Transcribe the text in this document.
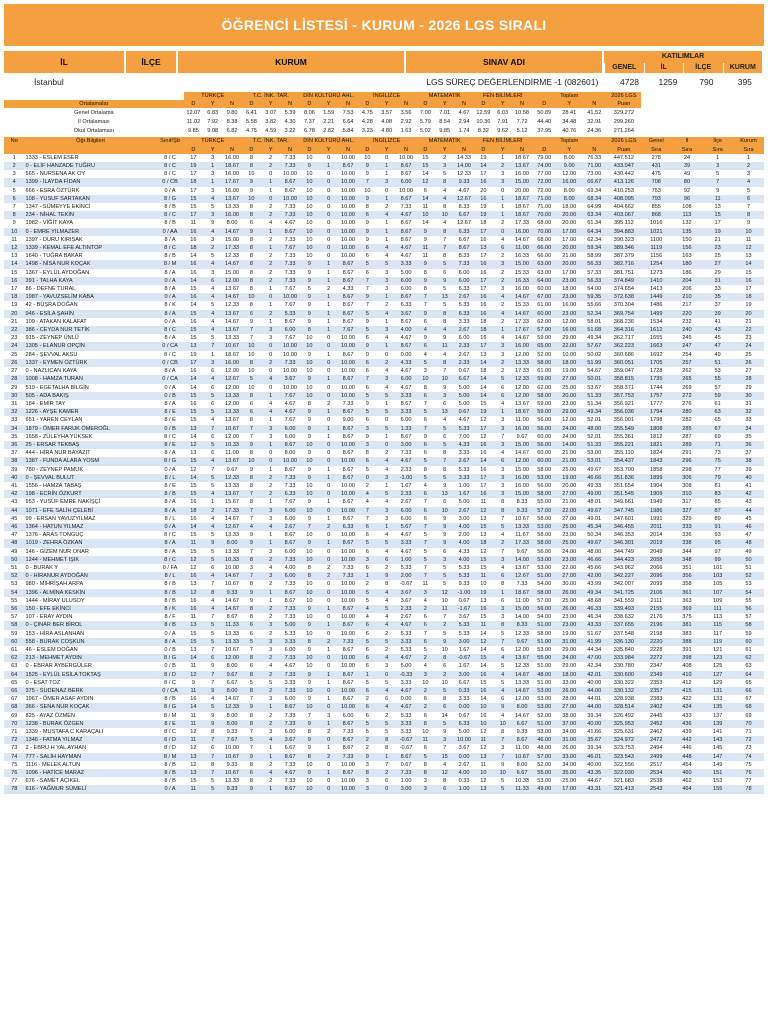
ÖĞRENCİ LİSTESİ - KURUM - 2026 LGS SIRALI
İL	İLÇE	KURUM	SINAV ADI
KATILIMLAR
GENEL	İL	İLÇE	KURUM
İstanbul	LGS SÜREÇ DEĞERLENDİRME -1 (082601)	4728	1259	790	395
	TÜRKÇE			T.C. İNK. TAR.			DİN KÜLTÜRÜ AHL.			İNGİLİZCE			MATEMATİK			FEN BİLİMLERİ			Toplam			2026 LGS	
Ortalamalar	D	Y	N	D	Y	N	D	Y	N	D	Y	N	D	Y	N	D	Y	N	D	Y	N	Puan	
Genel Ortalama	12.07	6.83	9.80	6.41	3.07	5.39	8.06	1.59	7.53	4.75	3.57	3.56	7.00	7.01	4.67	12.59	6.03	10.58	50.89	28.41	41.52	329.272	
İl Ortalaması	11.02	7.92	8.38	5.58	3.82	4.30	7.37	2.21	6.64	4.28	4.08	2.92	5.79	8.54	2.94	10.36	7.91	7.72	44.40	34.48	32.91	299.260	
Okul Ortalaması	9.85	9.08	6.82	4.75	4.59	3.22	6.78	2.82	5.84	3.23	4.80	1.63	5.02	9.85	1.74	8.32	9.62	5.12	37.95	40.76	24.36	271.264	
No	Öğr.Bilgileri	Sınıf/Şb	TÜRKÇE			T.C. İNK. TAR.			DİN KÜLTÜRÜ AHL.			İNGİLİZCE			MATEMATİK			FEN BİLİMLERİ			Toplam			2026 LGS	Genel	İl	İlçe	Kurum
			D	Y	N	D	Y	N	D	Y	N	D	Y	N	D	Y	N	D	Y	N	D	Y	N	Puan	Sıra	Sıra	Sıra	Sıra
1	1333 - ESLEM ESER	8 / C	17	3	16.00	8	2	7.33	10	0	10.00	10	0	10.00	15	2	14.33	19	1	18.67	79.00	8.00	76.33	447.512	278	24	1	1
2	0 - ELİF HANZADE TUĞRU	8 / C	19	1	18.67	8	2	7.33	9	1	8.67	9	1	8.67	15	3	14.00	14	2	13.67	74.00	9.00	71.00	433.047	431	39	3	2
3	565 - NURSENA AK OY	8 / C	17	3	16.00	10	0	10.00	10	0	10.00	9	1	8.67	14	5	12.33	17	3	16.00	77.00	12.00	73.00	430.442	475	49	5	3
4	1399 - İLAYDA FİDAN	0 / CB	18	1	17.67	9	1	8.67	10	0	10.00	7	3	6.00	12	8	9.33	16	3	15.00	72.00	16.00	66.67	413.126	708	80	7	4
5	666 - ESRA ÖZTÜRK	0 / A	17	3	16.00	9	1	8.67	10	0	10.00	10	0	10.00	6	4	4.67	20	0	20.00	72.00	8.00	69.34	410.253	753	92	9	5
6	108 - YUSUF SARTAKAN	8 / G	15	4	13.67	10	0	10.00	10	0	10.00	9	1	8.67	14	4	12.67	16	1	18.67	71.00	8.00	68.34	408.095	793	96	11	6
7	1347 - SÜMEYYE EKİNCİ	8 / B	15	5	13.33	8	2	7.33	10	0	10.00	8	2	7.33	11	8	8.33	19	1	18.67	71.00	18.00	64.99	404.662	855	108	13	7
8	234 - NİHAL TEKİN	8 / C	17	3	16.00	8	2	7.33	10	0	10.00	6	4	4.67	10	10	6.67	19	1	18.67	70.00	20.00	63.34	403.067	868	113	15	8
9	1982 - VİĞİT KAYA	8 / B	11	9	8.00	6	4	4.67	10	0	10.00	9	1	8.67	14	4	12.67	18	2	17.33	68.00	20.00	61.34	395.112	1016	132	17	9
10	0 - EMRE YILMAZER	0 / AA	16	4	14.67	9	1	8.67	10	0	10.00	9	1	8.67	9	8	6.33	17	0	16.00	70.00	17.00	64.34	394.883	1021	135	19	10
11	1397 - DURU KIRIŞAK	8 / A	16	3	15.00	8	2	7.33	10	0	10.00	9	1	8.67	9	7	6.67	16	4	14.67	68.00	17.00	62.34	390.323	1100	150	21	11
12	1339 - KEMAL EFE ALTINTOP	8 / C	18	2	17.33	8	1	7.67	10	0	10.00	6	4	4.67	11	7	8.67	13	6	11.00	66.00	20.00	59.34	389.346	1119	156	23	12
13	1640 - TUĞRA BAKAR	8 / B	14	5	12.33	8	2	7.33	10	0	10.00	6	4	4.67	11	8	8.33	17	2	16.33	66.00	21.00	58.99	387.379	1156	163	25	13
14	1498 - NİSA NUR KOÇAK	8 / M	16	4	14.67	8	2	7.33	9	1	8.67	5	5	3.33	9	5	7.33	16	3	15.00	63.00	20.00	56.33	382.716	1254	180	27	14
15	1367 - EYLÜL AYDOĞAN	8 / A	16	3	15.00	8	2	7.33	9	1	8.67	6	3	5.00	8	6	6.00	16	2	15.33	63.00	17.00	57.33	381.751	1273	186	29	15
16	391 - TALHA KAYA	0 / A	14	6	12.00	8	2	7.33	9	1	8.67	7	3	6.00	9	9	6.00	17	2	16.33	64.00	23.00	56.33	374.849	1410	204	31	16
17	86 - DEFNE TURAL	8 / A	15	4	13.67	8	1	7.67	5	2	4.33	7	3	6.00	8	5	6.33	17	3	16.00	60.00	18.00	54.00	374.654	1413	206	33	17
18	1987 - YAVUZSELİM KABA	0 / A	16	4	14.67	10	0	10.00	9	1	8.67	9	1	8.67	7	13	2.67	16	4	14.67	67.00	23.00	59.35	372.638	1449	210	35	18
19	42 - BÜŞRA DOĞAN	8 / K	14	5	12.33	8	1	7.67	9	1	8.67	7	2	6.33	7	5	5.33	16	2	15.33	61.00	16.00	55.66	370.304	1486	217	37	19
20	946 - ESİLA ŞAHİN	8 / A	15	4	13.67	6	2	5.33	9	1	8.67	5	4	3.67	9	8	6.33	16	4	14.67	60.00	23.00	52.34	369.754	1499	220	39	20
21	109 - ATAKAN KALAFAT	0 / A	16	4	14.67	9	1	8.67	9	1	8.67	9	1	8.67	6	8	3.33	18	2	17.33	62.00	12.00	58.01	368.236	1534	232	41	21
22	386 - CEYDA NUR TETİK	8 / C	15	4	13.67	7	3	6.00	8	1	7.67	5	3	4.00	4	4	2.67	18	1	17.67	57.00	16.00	51.68	364.316	1612	240	43	22
23	915 - ZEYNEP ÜNLÜ	8 / A	15	5	13.33	7	3	7.67	10	0	10.00	6	4	4.67	9	9	6.00	16	4	14.67	59.00	29.00	49.34	362.717	1655	245	45	23
24	1305 - ELANUR OPÇİN	0 / CA	13	7	10.67	10	0	10.00	10	0	10.00	9	1	8.67	6	11	2.33	17	3	16.00	65.00	22.00	57.67	362.223	1663	247	47	24
25	284 - ŞEVVAL AKSU	8 / C	19	1	18.67	10	0	10.00	9	1	8.67	0	0	0.00	4	4	2.67	13	3	12.00	52.00	10.00	50.02	360.686	1692	254	49	25
26	1337 - EYMEN ÖZTÜRK	0 / CB	17	3	16.00	8	2	7.33	10	0	10.00	6	2	4.33	5	8	2.33	14	2	13.33	58.00	18.00	51.99	360.051	1705	257	51	26
27	0 - NAZLICAN KAYA	8 / A	16	6	12.00	10	0	10.00	10	0	10.00	6	4	4.67	3	7	0.67	18	2	17.33	61.00	19.00	54.67	359.047	1728	262	53	27
28	1008 - HAMZA TURAN	0 / CA	14	4	12.67	5	4	3.67	9	1	8.67	7	3	6.00	10	10	6.67	14	5	12.33	59.00	27.00	50.01	358.815	1735	265	55	28
29	519 - EGETALHA BİLGİN	0 / A	14	6	12.00	10	0	10.00	10	0	10.00	6	4	4.67	8	9	5.00	14	6	12.00	62.00	25.00	53.67	358.371	1744	269	57	29
30	505 - ADA BAKIŞ	0 / B	15	5	13.33	8	1	7.67	10	0	10.00	5	5	3.33	6	3	5.00	14	6	12.00	58.00	20.00	51.33	357.753	1757	272	59	30
31	184 - EMİR TAY	8 / A	16	6	12.00	6	4	4.67	8	2	7.33	9	1	8.67	7	6	5.00	15	4	13.67	59.00	23.00	51.34	356.921	1777	276	61	31
32	1226 - AYŞE KAMER	8 / E	15	5	13.33	6	4	4.67	9	1	8.67	5	5	3.33	5	13	0.67	19	1	18.67	59.00	29.00	49.34	356.036	1794	280	63	32
33	651 - YAREN CEYLAN	8 / E	15	4	13.67	8	1	7.67	9	0	9.00	6	0	6.00	6	4	4.67	12	3	11.00	56.00	12.00	52.01	356.001	1798	282	65	33
34	1879 - ÖMER FARUK ÖMEROĞL	0 / B	13	7	10.67	7	3	6.00	9	1	8.67	3	5	1.33	7	5	5.33	17	3	16.00	56.00	24.00	48.00	355.549	1808	285	67	34
35	1658 - ZÜLEYHA YÜKSEK	8 / C	14	6	12.00	7	3	6.00	9	1	8.67	9	1	8.67	9	6	7.00	12	7	9.67	60.00	24.00	52.01	355.361	1812	287	69	35
36	25 - ERSAR TEKBAŞ	8 / E	12	5	10.33	9	1	8.67	10	0	10.00	3	0	3.00	6	5	4.33	16	3	15.00	56.00	14.00	51.33	355.221	1821	289	71	36
37	444 - HİRA NUR BAYAZIT	8 / A	13	6	11.00	8	0	8.00	9	0	8.67	8	2	7.33	6	8	3.33	16	4	14.67	60.00	21.00	53.00	355.110	1824	291	73	37
38	1387 - FUNDA ALARA YOSM	8 / G	15	4	13.67	10	0	10.00	10	0	10.00	6	4	4.67	5	7	2.67	14	6	12.00	60.00	21.00	53.01	354.437	1843	296	75	38
39	780 - ZEYNEP PAMUK	0 / A	12	7	9.67	9	1	8.67	9	1	8.67	5	4	2.33	8	8	5.33	16	3	15.00	58.00	25.00	49.67	353.700	1858	298	77	39
40	0 - ŞEVVAL BULUT	8 / L	14	5	12.33	8	2	7.33	9	1	8.67	0	3	-1.00	5	5	3.33	17	3	16.00	53.00	19.00	46.66	351.836	1899	306	79	40
41	1556 - HAMZA TABAŞ	8 / E	15	5	13.33	8	2	7.33	10	0	10.00	2	1	1.67	4	9	1.00	17	3	16.00	56.00	20.00	49.33	351.654	1904	308	81	41
42	198 - ECRİN ÖZKURT	8 / B	15	4	13.67	7	2	6.33	10	0	10.00	4	5	2.33	6	13	1.67	16	3	15.00	58.00	27.00	49.00	351.545	1909	310	83	42
43	953 - YUSUF EMRE NAKİŞÇİ	8 / A	16	1	15.67	8	1	7.67	9	1	8.67	4	4	2.67	7	6	5.00	11	8	8.33	55.00	21.00	48.01	349.661	1949	317	85	43
44	1071 - EFE SALİH ÇELEBİ	8 / A	18	2	17.33	7	3	6.00	10	0	10.00	7	3	6.00	6	10	2.67	12	8	9.33	57.00	22.00	49.67	347.745	1986	327	87	44
45	99 - ERSAN YAVUZYILMAZ	8 / L	16	4	14.67	7	3	6.00	9	1	8.67	7	3	6.00	6	9	3.00	13	7	10.67	58.00	27.00	49.01	347.601	1991	329	89	45
46	1364 - HATUN YILMAZ	0 / A	14	4	12.67	4	4	2.67	7	2	6.33	6	1	5.67	7	9	4.00	15	5	13.33	53.00	25.00	45.34	346.455	2011	333	91	46
47	1376 - ARAS TONGUÇ	8 / C	15	5	13.33	9	1	8.67	10	0	10.00	6	4	4.67	5	9	2.00	13	4	11.67	58.00	23.00	50.34	346.353	2014	336	93	47
48	1019 - ZEHRA ÖZKAN	8 / A	11	9	8.00	9	1	8.67	9	1	8.67	5	5	3.33	7	9	4.00	18	2	17.33	58.00	25.00	49.67	346.301	2019	338	95	48
49	146 - GİZEM NUR ONAR	8 / A	15	5	13.33	7	3	6.00	10	0	10.00	6	4	4.67	5	6	4.33	12	7	9.67	56.00	24.00	48.00	344.749	2049	344	97	49
50	1244 - MEHMET IŞIK	8 / C	12	5	10.33	8	2	7.33	10	0	10.00	3	6	1.00	5	3	4.00	15	3	14.00	53.00	23.00	46.66	344.423	2058	348	99	50
51	0 - BURAK Y	0 / FA	12	6	10.00	3	4	4.00	8	2	7.33	6	2	5.33	7	5	5.33	15	4	13.67	53.00	22.00	45.66	343.962	2066	351	101	51
52	0 - HİRANUR AYDOĞAN	8 / L	16	4	14.67	7	3	6.00	8	2	7.33	1	9	2.00	7	5	5.33	11	6	12.67	51.00	27.00	42.00	342.227	2096	356	103	52
53	980 - MİHRİŞAH ARPA	8 / B	13	7	10.67	8	2	7.33	10	0	10.00	2	8	-0.67	11	5	9.33	10	8	7.33	54.00	30.00	43.99	342.007	2099	358	105	53
54	1396 - ALMİNA KESKİN	8 / B	12	8	9.33	9	1	8.67	10	0	10.00	5	4	3.67	3	12	-1.00	19	1	18.67	58.00	26.00	49.34	341.725	2106	361	107	54
55	1444 - MİRAY ULUSOY	8 / B	16	4	14.67	9	1	8.67	10	0	10.00	5	4	3.67	4	10	0.67	13	6	11.00	57.00	25.00	48.68	341.559	2111	363	109	55
56	150 - EFE EKİNCİ	8 / K	16	4	14.67	8	2	7.33	9	1	8.67	4	5	2.33	2	11	-1.67	16	3	15.00	56.00	26.00	46.33	339.493	2155	369	111	56
57	107 - ERAY AYDIN	8 / F	11	7	8.67	8	2	7.33	10	0	10.00	4	4	2.67	6	7	3.67	15	3	14.00	54.00	23.00	46.34	338.632	2176	375	113	57
58	0 - ÇINAR BER BİROL	8 / B	13	5	11.33	6	3	5.00	9	1	8.67	6	4	4.67	6	2	5.33	11	8	8.33	51.00	23.00	43.33	337.655	2196	381	115	58
59	153 - HİRA ASLANHAN	0 / A	15	5	13.33	6	2	5.33	10	0	10.00	6	2	5.33	7	5	5.33	14	5	12.33	58.00	19.00	51.67	337.548	2198	383	117	59
60	558 - BURAK COŞKUN	8 / A	15	5	13.33	5	3	3.33	8	2	7.33	5	5	3.33	6	9	3.00	12	7	9.67	51.00	31.00	41.99	336.130	2220	388	119	60
61	46 - ESLEM DOĞAN	0 / B	13	7	10.67	7	3	6.00	9	1	8.67	6	2	5.33	5	10	1.67	14	6	12.00	53.00	29.00	44.34	335.840	2228	391	121	61
62	213 - MEHMET AYDIN	8 / G	14	6	12.00	8	2	7.33	10	0	10.00	6	4	4.67	2	8	-0.67	15	4	13.67	55.00	24.00	47.00	333.984	2272	398	123	62
63	0 - EBRAR AYBERGÜLER	0 / B	11	9	8.00	6	4	4.67	10	0	10.00	6	3	5.00	4	6	1.67	14	5	12.33	51.00	29.00	42.34	330.780	2347	408	125	63
64	1525 - EYLÜL ESİLA TOKTAŞ	8 / D	12	7	9.67	8	2	7.33	9	1	8.67	1	0	-0.33	3	2	3.00	16	4	14.67	48.00	18.00	42.01	330.600	2349	410	127	64
65	0 - ESAT TOZ	8 / C	9	7	6.67	5	5	3.33	9	1	8.67	5	5	3.33	10	10	6.67	15	5	13.33	51.00	33.00	40.00	330.322	2353	412	129	65
66	375 - SUDENAZ BERK	0 / CA	11	9	8.00	8	2	7.33	10	0	10.00	6	4	4.67	2	5	0.33	16	4	14.67	53.00	26.00	44.00	330.132	2357	415	131	66
67	1967 - ÖMER ASAF AYDIN	8 / B	16	4	14.67	7	3	6.00	9	1	8.67	2	6	0.00	6	8	3.33	14	6	12.00	53.00	28.00	44.01	328.938	2383	422	133	67
68	366 - SENA NUR KOÇAK	8 / G	14	5	12.33	9	1	8.67	10	0	10.00	6	4	4.67	2	6	0.00	10	9	8.00	53.00	27.00	44.00	328.514	2402	424	135	68
69	825 - AYAZ ÖZMEN	8 / M	11	9	8.00	8	2	7.33	7	3	6.00	6	2	5.33	6	14	0.67	16	4	14.67	52.00	38.00	39.34	326.492	2445	433	137	69
70	1238 - BURAK ÖZGEN	8 / E	11	9	8.00	8	2	7.33	9	1	8.67	5	5	3.33	8	5	6.33	10	10	6.67	51.00	37.00	40.00	325.953	2452	436	139	70
71	1339 - MUSTAFA C KARAÇALI	8 / C	12	8	9.33	7	3	6.00	8	2	7.33	5	5	3.33	10	9	5.00	12	8	9.33	53.00	34.00	41.66	325.631	2462	439	141	71
72	1346 - FATMA YILMAZ	8 / D	11	7	7.67	5	4	3.67	9	0	8.67	2	8	-0.67	11	3	10.00	11	7	8.67	46.00	31.00	35.67	324.972	2472	442	143	72
73	2 - EBRU H YAL AYHAN	8 / D	12	6	10.00	7	1	6.67	9	1	8.67	2	8	-0.67	6	7	3.67	12	3	11.00	48.00	26.00	39.34	323.753	2494	446	145	73
74	777 - SALİH HAYMAN	8 / M	13	7	10.67	9	1	8.67	8	2	7.33	9	1	8.67	5	15	0.00	13	7	10.67	57.00	33.00	46.01	323.543	2499	448	147	74
75	1116 - MELEK ALTUN	8 / B	12	8	9.33	8	2	7.33	10	0	10.00	3	7	0.67	8	4	2.67	11	9	8.00	52.00	34.00	40.00	322.556	2517	454	149	75
76	1096 - HATİCE MARAZ	8 / B	13	7	10.67	6	4	4.67	9	1	8.67	8	2	7.33	8	12	4.00	10	10	6.67	55.00	35.00	43.35	322.030	2534	460	151	76
77	676 - SAMET AÇIKEL	8 / B	15	5	13.33	8	2	7.33	10	0	10.00	3	6	1.00	3	8	0.33	12	5	10.33	53.00	25.00	44.67	321.683	2538	462	153	77
78	616 - YAĞMUR SÜMELİ	0 / A	11	5	9.33	9	1	8.67	10	0	10.00	3	0	3.00	3	6	1.00	13	5	11.33	49.00	17.00	43.31	321.413	2543	464	155	78
